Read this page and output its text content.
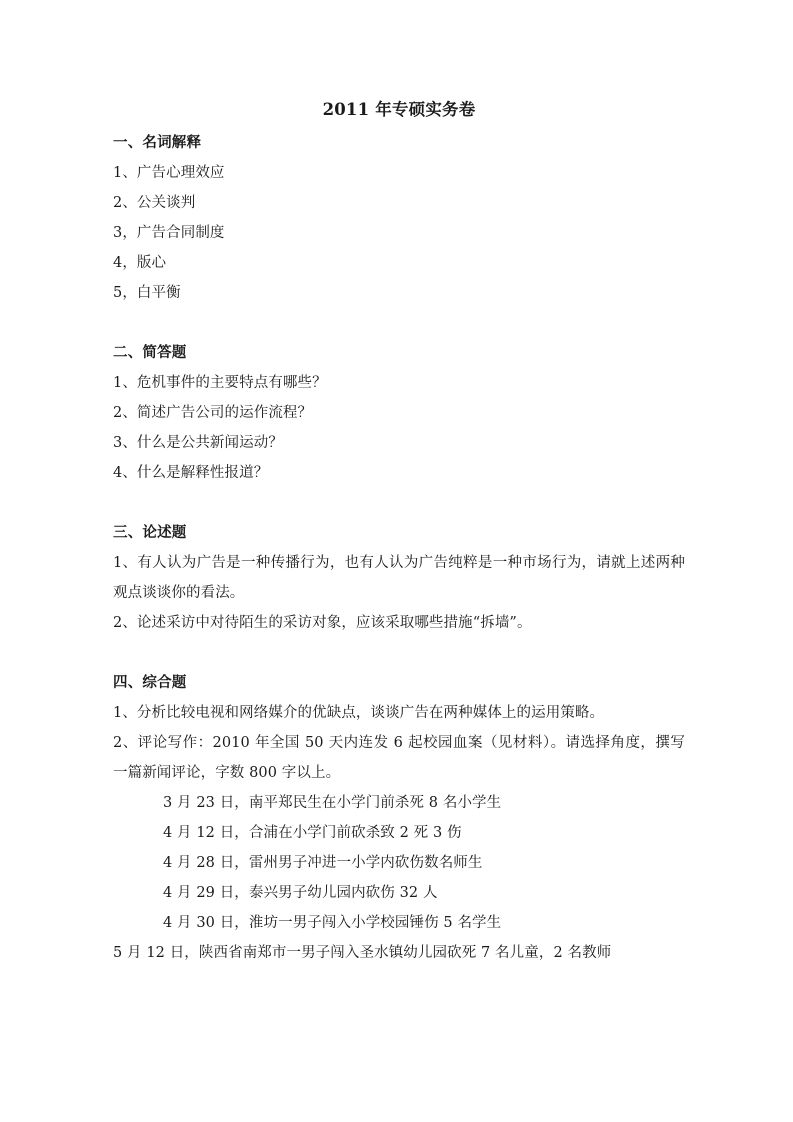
2011 年专硕实务卷
一、名词解释

1、广告心理效应

2、公关谈判

3，广告合同制度

4，版心

5，白平衡

二、简答题

1、危机事件的主要特点有哪些？

2、简述广告公司的运作流程？

3、什么是公共新闻运动？

4、什么是解释性报道？

三、论述题

1、有人认为广告是一种传播行为，也有人认为广告纯粹是一种市场行为，请就上述两种观点谈谈你的看法。

2、论述采访中对待陌生的采访对象，应该采取哪些措施“拆墙”。

四、综合题

1、分析比较电视和网络媒介的优缺点，谈谈广告在两种媒体上的运用策略。

2、评论写作：2010 年全国 50 天内连发 6 起校园血案（见材料）。请选择角度，撰写一篇新闻评论，字数 800 字以上。

3 月 23 日，南平郑民生在小学门前杀死 8 名小学生
4 月 12 日，合浦在小学门前砍杀致 2 死 3 伤
4 月 28 日，雷州男子冲进一小学内砍伤数名师生
4 月 29 日，泰兴男子幼儿园内砍伤 32 人
4 月 30 日，淮坊一男子闯入小学校园锤伤 5 名学生
5 月 12 日，陕西省南郑市一男子闯入圣水镇幼儿园砍死 7 名儿童，2 名教师
